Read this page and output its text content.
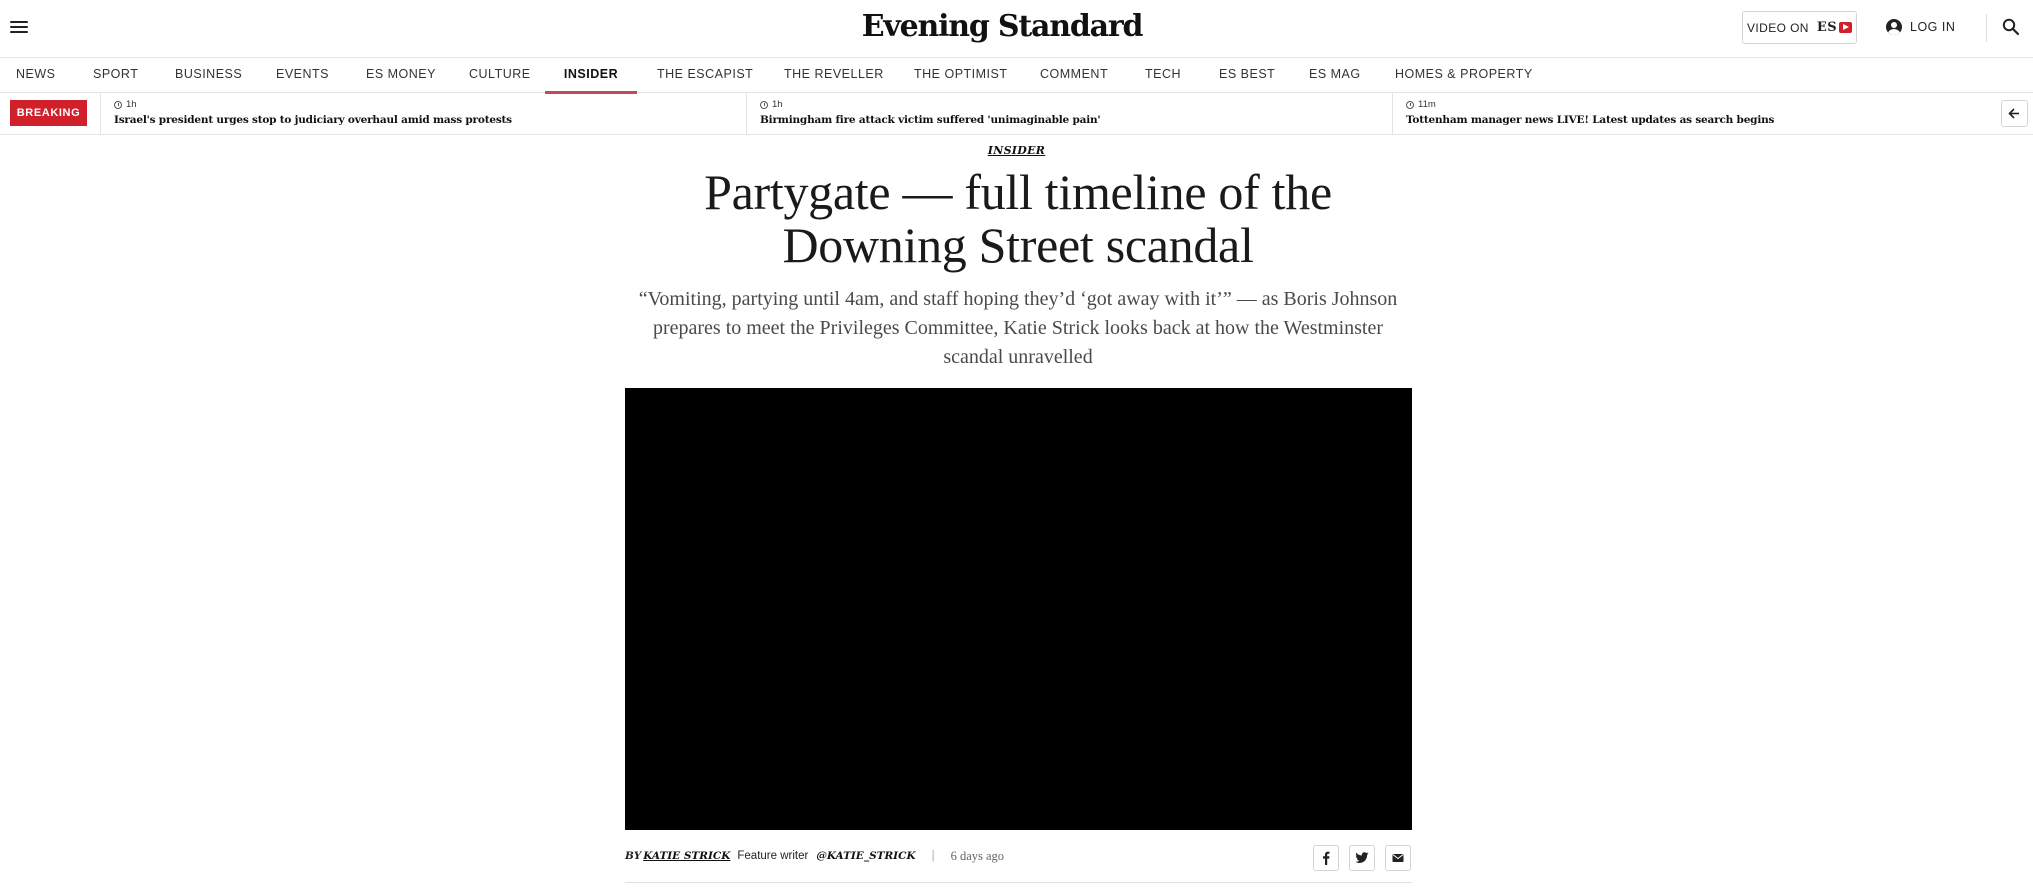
Evening Standard	VIDEO ON ES	LOG IN
NEWS	SPORT	BUSINESS	EVENTS	ES MONEY	CULTURE	INSIDER	THE ESCAPIST THE REVELLER THE OPTIMIST	COMMENT	TECH	ES BEST	ES MAG	HOMES & PROPERTY
BREAKING
1h
Israel's president urges stop to judiciary overhaul amid mass protests
1h
Birmingham fire attack victim suffered 'unimaginable pain'
11m
Tottenham manager news LIVE! Latest updates as search begins
INSIDER
Partygate — full timeline of the Downing Street scandal

“Vomiting, partying until 4am, and staff hoping they’d ‘got away with it’” — as Boris Johnson prepares to meet the Privileges Committee, Katie Strick looks back at how the Westminster scandal unravelled

BY KATIE STRICK Feature writer @KATIE_STRICK | 6 days ago
